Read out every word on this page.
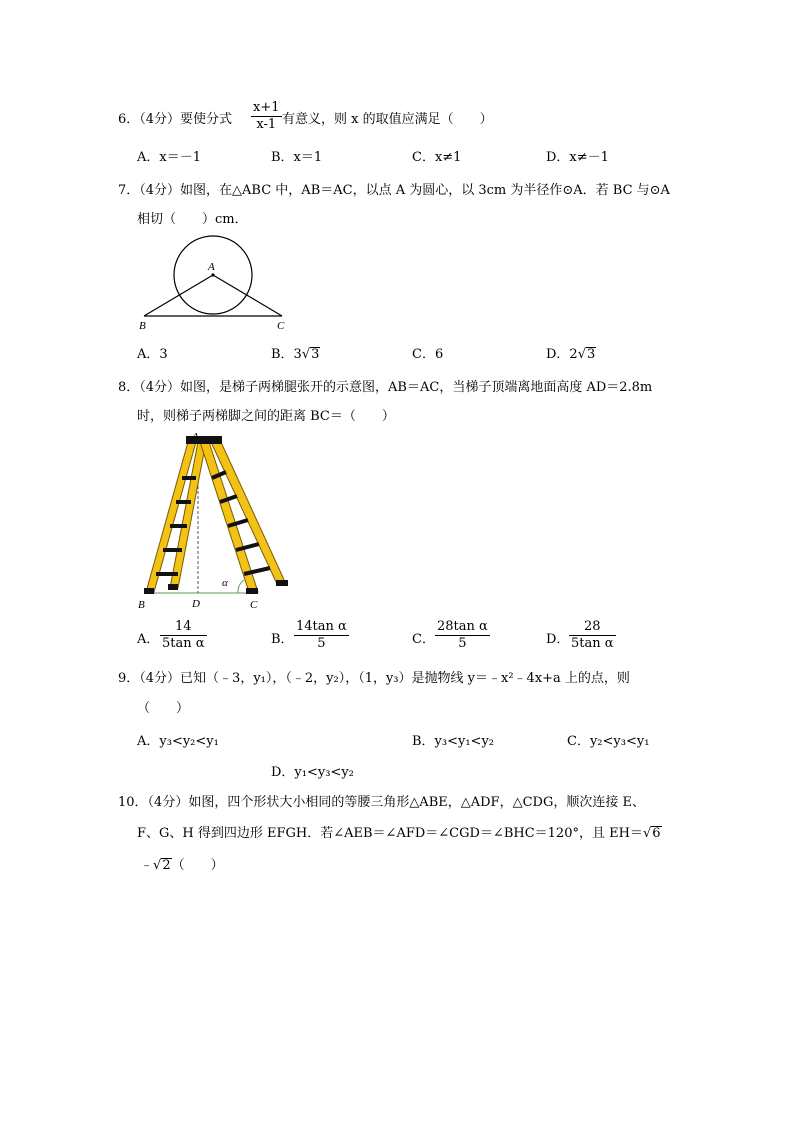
6．（4分）要使分式 $\frac{x+1}{x-1}$ 有意义，则 x 的取值应满足（　　）
A．x＝－1	B．x＝1	C．x≠1	D．x≠－1
7．（4分）如图，在△ABC 中，AB＝AC，以点 A 为圆心，以 3cm 为半径作⊙A．若 BC 与⊙A
相切（　　）cm．
A
B	C
A．3	B．3√3	C．6	D．2√3
8．（4分）如图，是梯子两梯腿张开的示意图，AB＝AC，当梯子顶端离地面高度 AD＝2.8m
时，则梯子两梯脚之间的距离 BC＝（　　）
α
A
B	D	C
A． $\frac{14}{\text{5tan α}}$	B． $\frac{\text{14tan α}}{5}$	C． $\frac{\text{28tan α}}{5}$	D． $\frac{28}{\text{5tan α}}$
9．（4分）已知（﹣3，y₁），（﹣2，y₂），（1，y₃）是抛物线 y＝﹣x²﹣4x+a 上的点，则
（　　）
A．y₃<y₂<y₁	B．y₃<y₁<y₂	C．y₂<y₃<y₁
D．y₁<y₃<y₂
10．（4分）如图，四个形状大小相同的等腰三角形△ABE，△ADF，△CDG，顺次连接 E、
F、G、H 得到四边形 EFGH．若∠AEB＝∠AFD＝∠CGD＝∠BHC＝120°，且 EH＝√6
﹣√2（　　）
